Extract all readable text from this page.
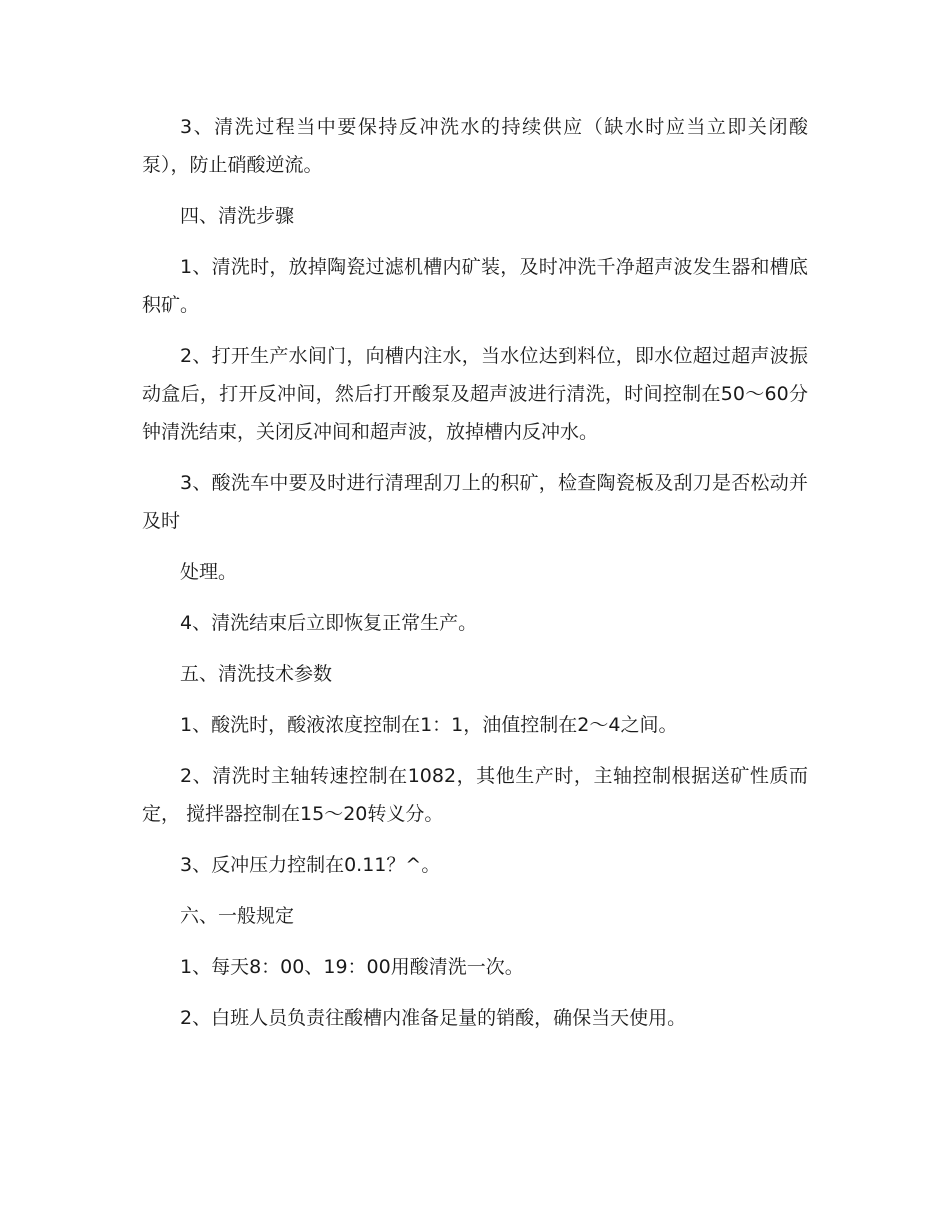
3、清洗过程当中要保持反冲洗水的持续供应（缺水时应当立即关闭酸泵），防止硝酸逆流。

四、清洗步骤

1、清洗时，放掉陶瓷过滤机槽内矿装，及时冲洗千净超声波发生器和槽底 积矿。

2、打开生产水间门，向槽内注水，当水位达到料位，即水位超过超声波振 动盒后，打开反冲间，然后打开酸泵及超声波进行清洗，时间控制在50〜60分 钟清洗结束，关闭反冲间和超声波，放掉槽内反冲水。

3、酸洗车中要及时进行清理刮刀上的积矿，检查陶瓷板及刮刀是否松动并及时

处理。

4、清洗结束后立即恢复正常生产。

五、清洗技术参数

1、酸洗时，酸液浓度控制在1：1，油值控制在2〜4之间。

2、清洗时主轴转速控制在1082，其他生产时，主轴控制根据送矿性质而定， 搅拌器控制在15〜20转义分。

3、反冲压力控制在0.11？^。

六、一般规定

1、每天8：00、19：00用酸清洗一次。

2、白班人员负责往酸槽内准备足量的销酸，确保当天使用。
